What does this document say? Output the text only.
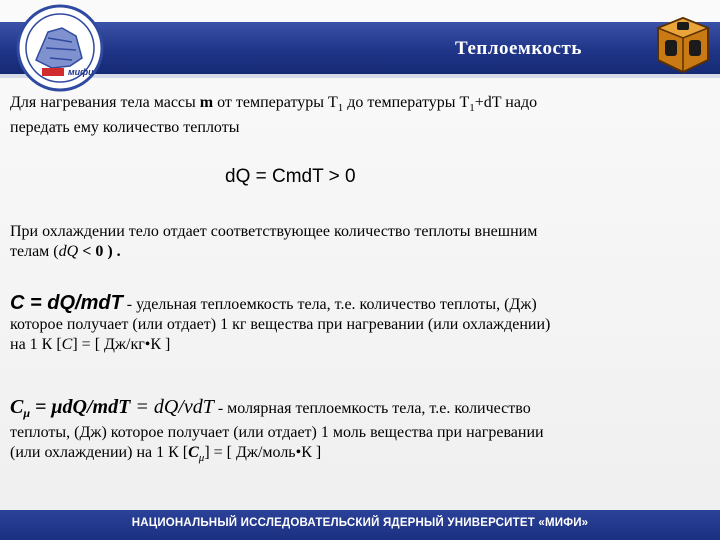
мифи
Теплоемкость
Для нагревания тела массы m от температуры $T_1$ до температуры $T_1+dT$ надо
передать ему количество теплоты
dQ = CmdT > 0
При охлаждении тело отдает соответствующее количество теплоты внешним
телам (dQ < 0 ) .
C = dQ/mdT - удельная теплоемкость тела, т.е. количество теплоты, (Дж)
которое получает (или отдает) 1 кг вещества при нагревании (или охлаждении)
на 1 К [C] = [ Дж/кг•К ]
$C_\mu = \mu dQ/mdT = dQ/\nu dT$ - молярная теплоемкость тела, т.е. количество
теплоты, (Дж) которое получает (или отдает) 1 моль вещества при нагревании
(или охлаждении) на 1 К $[C_\mu]$ = [ Дж/моль•К ]
НАЦИОНАЛЬНЫЙ ИССЛЕДОВАТЕЛЬСКИЙ ЯДЕРНЫЙ УНИВЕРСИТЕТ «МИФИ»
